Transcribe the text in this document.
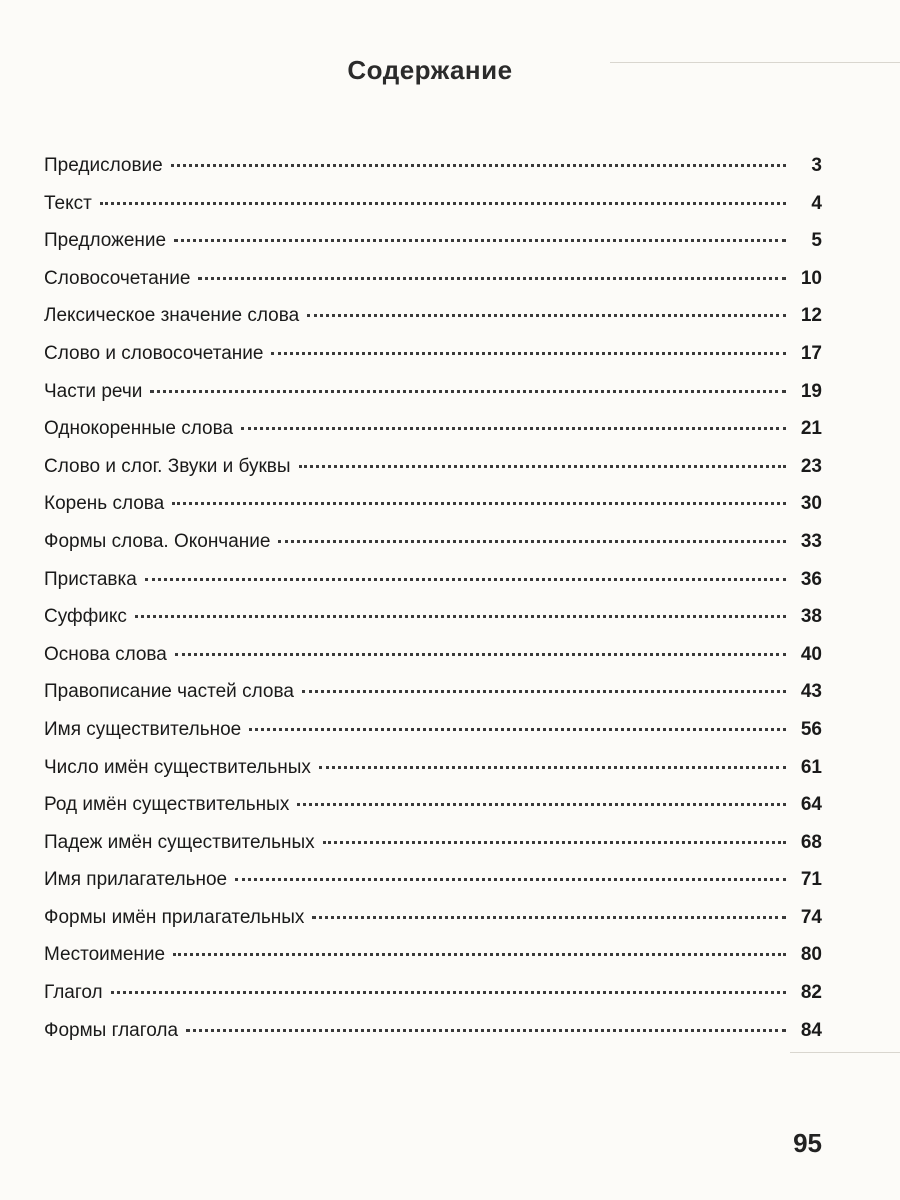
Содержание
Предисловие	3
Текст	4
Предложение	5
Словосочетание	10
Лексическое значение слова	12
Слово и словосочетание	17
Части речи	19
Однокоренные слова	21
Слово и слог. Звуки и буквы	23
Корень слова	30
Формы слова. Окончание	33
Приставка	36
Суффикс	38
Основа слова	40
Правописание частей слова	43
Имя существительное	56
Число имён существительных	61
Род имён существительных	64
Падеж имён существительных	68
Имя прилагательное	71
Формы имён прилагательных	74
Местоимение	80
Глагол	82
Формы глагола	84
95
